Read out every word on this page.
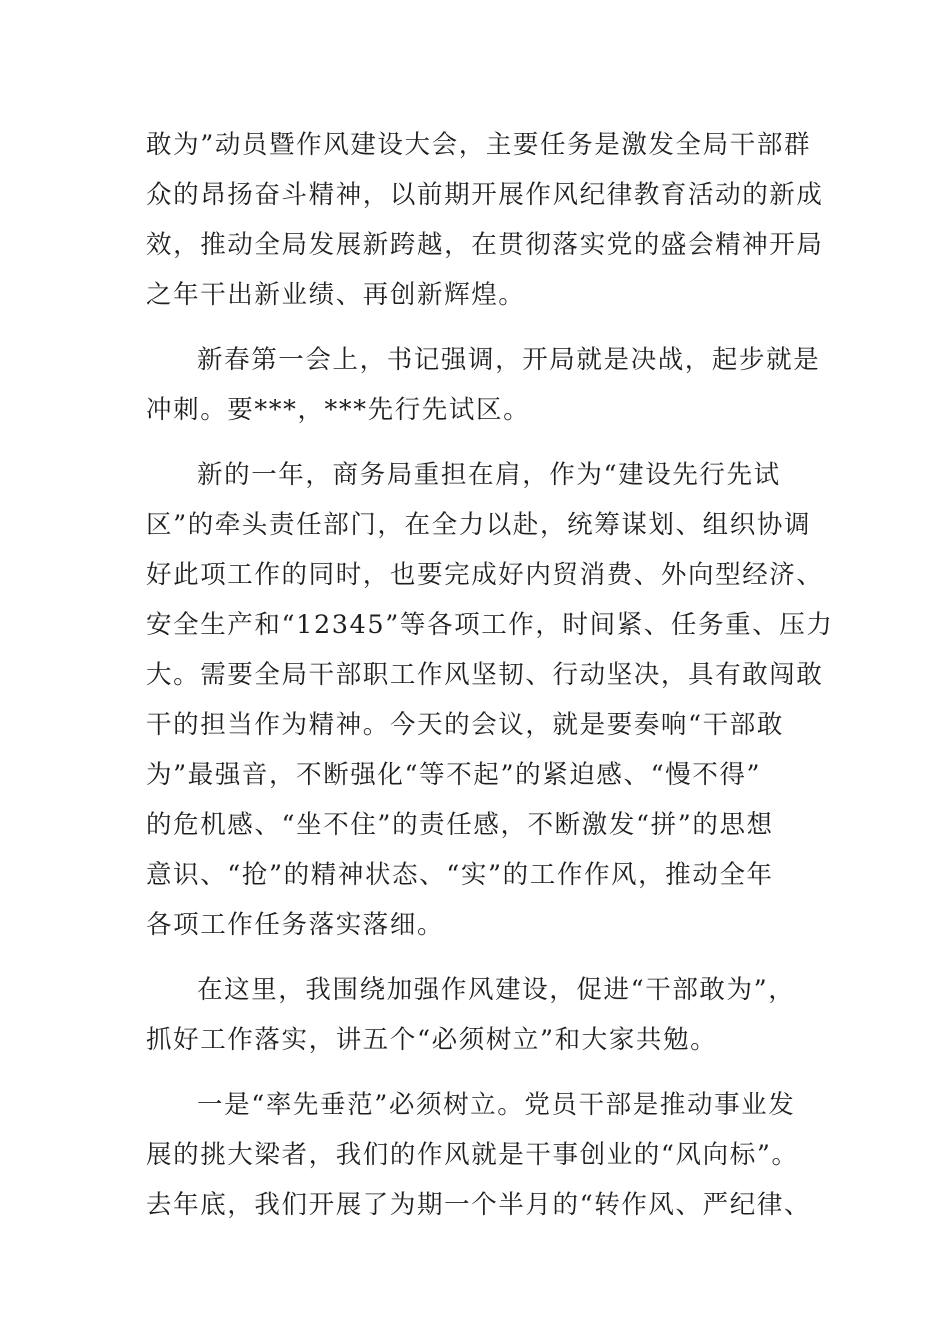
敢为”动员暨作风建设大会，主要任务是激发全局干部群
众的昂扬奋斗精神，以前期开展作风纪律教育活动的新成
效，推动全局发展新跨越，在贯彻落实党的盛会精神开局
之年干出新业绩、再创新辉煌。

新春第一会上，书记强调，开局就是决战，起步就是
冲刺。要***，***先行先试区。

新的一年，商务局重担在肩，作为“建设先行先试
区”的牵头责任部门，在全力以赴，统筹谋划、组织协调
好此项工作的同时，也要完成好内贸消费、外向型经济、
安全生产和“12345”等各项工作，时间紧、任务重、压力
大。需要全局干部职工作风坚韧、行动坚决，具有敢闯敢
干的担当作为精神。今天的会议，就是要奏响“干部敢
为”最强音，不断强化“等不起”的紧迫感、“慢不得”
的危机感、“坐不住”的责任感，不断激发“拼”的思想
意识、“抢”的精神状态、“实”的工作作风，推动全年
各项工作任务落实落细。

在这里，我围绕加强作风建设，促进“干部敢为”，
抓好工作落实，讲五个“必须树立”和大家共勉。

一是“率先垂范”必须树立。党员干部是推动事业发
展的挑大梁者，我们的作风就是干事创业的“风向标”。
去年底，我们开展了为期一个半月的“转作风、严纪律、
